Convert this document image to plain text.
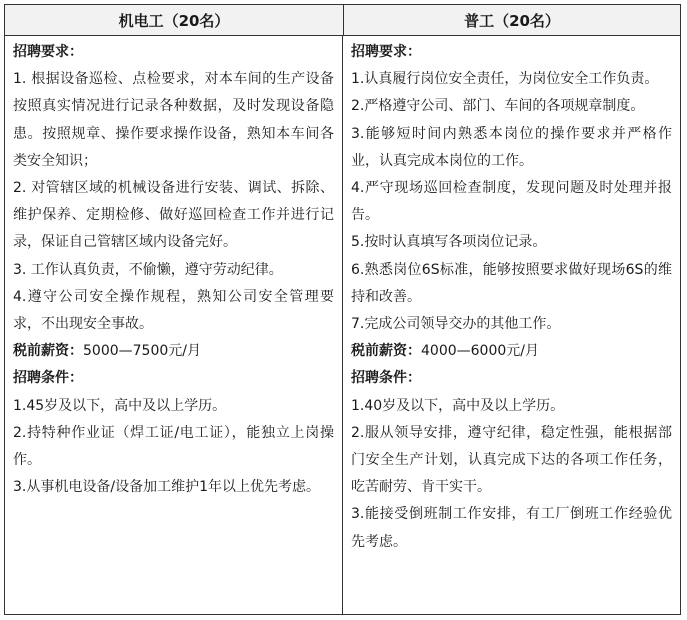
机电工（20名）	普工（20名）
招聘要求：
1. 根据设备巡检、点检要求，对本车间的生产设备按照真实情况进行记录各种数据，及时发现设备隐患。按照规章、操作要求操作设备，熟知本车间各类安全知识；
2. 对管辖区域的机械设备进行安装、调试、拆除、维护保养、定期检修、做好巡回检查工作并进行记录，保证自己管辖区域内设备完好。
3. 工作认真负责，不偷懒，遵守劳动纪律。
4.遵守公司安全操作规程，熟知公司安全管理要求，不出现安全事故。
税前薪资：5000—7500元/月
招聘条件：
1.45岁及以下，高中及以上学历。
2.持特种作业证（焊工证/电工证），能独立上岗操作。
3.从事机电设备/设备加工维护1年以上优先考虑。
招聘要求：
1.认真履行岗位安全责任，为岗位安全工作负责。
2.严格遵守公司、部门、车间的各项规章制度。
3.能够短时间内熟悉本岗位的操作要求并严格作业，认真完成本岗位的工作。
4.严守现场巡回检查制度，发现问题及时处理并报告。
5.按时认真填写各项岗位记录。
6.熟悉岗位6S标准，能够按照要求做好现场6S的维持和改善。
7.完成公司领导交办的其他工作。
税前薪资：4000—6000元/月
招聘条件：
1.40岁及以下，高中及以上学历。
2.服从领导安排，遵守纪律，稳定性强，能根据部门安全生产计划，认真完成下达的各项工作任务，吃苦耐劳、肯干实干。
3.能接受倒班制工作安排，有工厂倒班工作经验优先考虑。
